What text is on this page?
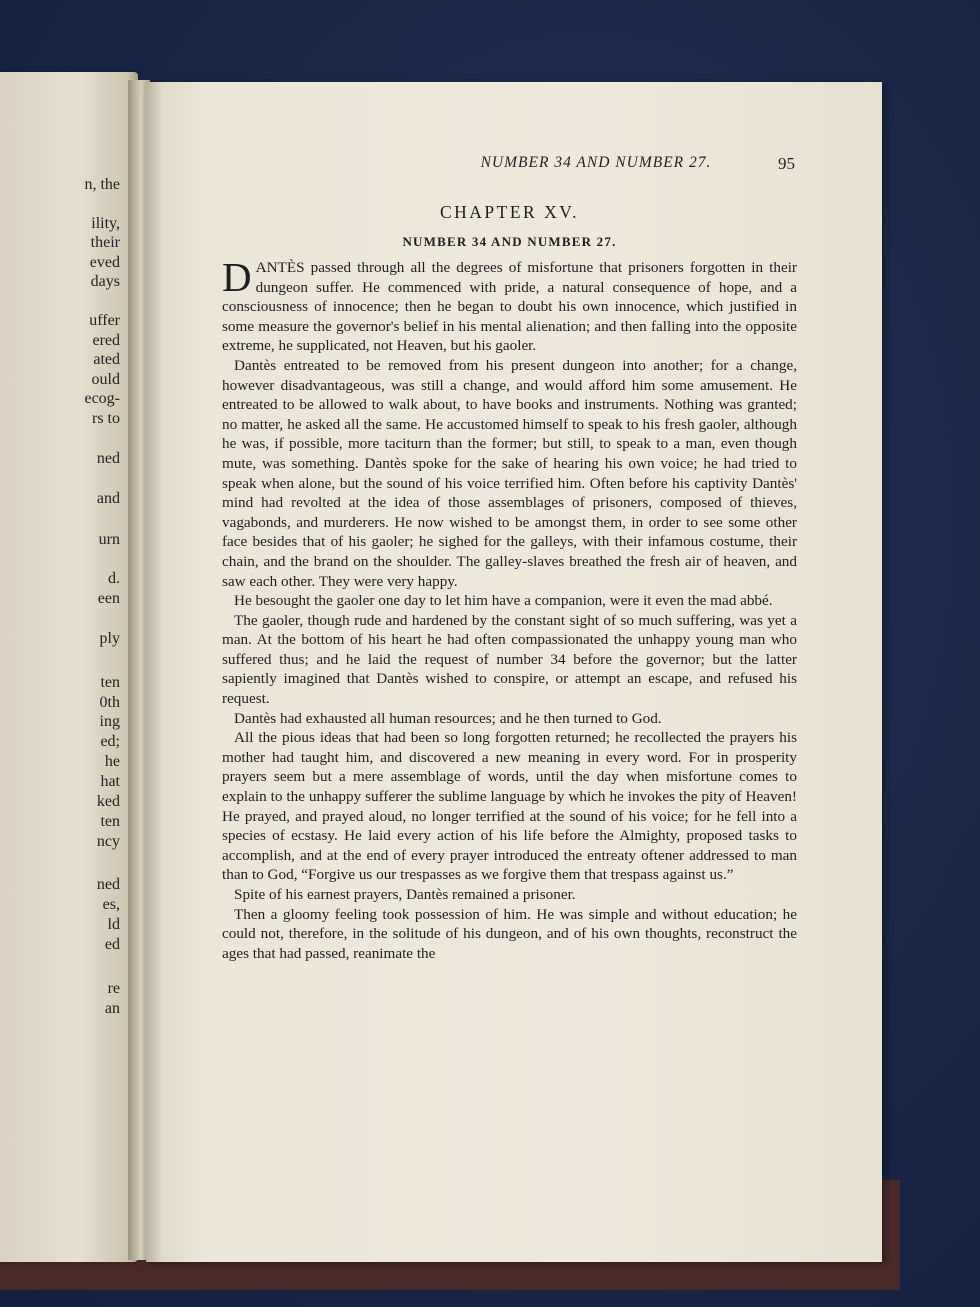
n, the
ility,
their
eved
days
uffer
ered
ated
ould
ecog-
rs to
ned
and
urn
d.
een
ply
ten
0th
ing
ed;
he
hat
ked
ten
ncy
ned
es,
ld
ed
re
an
NUMBER 34 AND NUMBER 27.	95
CHAPTER XV.
NUMBER 34 AND NUMBER 27.

DANTÈS passed through all the degrees of misfortune that prisoners forgotten in their dungeon suffer. He commenced with pride, a natural consequence of hope, and a consciousness of innocence; then he began to doubt his own innocence, which justified in some measure the governor's belief in his mental alienation; and then falling into the opposite extreme, he supplicated, not Heaven, but his gaoler.

Dantès entreated to be removed from his present dungeon into another; for a change, however disadvantageous, was still a change, and would afford him some amusement. He entreated to be allowed to walk about, to have books and instruments. Nothing was granted; no matter, he asked all the same. He accustomed himself to speak to his fresh gaoler, although he was, if possible, more taciturn than the former; but still, to speak to a man, even though mute, was something. Dantès spoke for the sake of hearing his own voice; he had tried to speak when alone, but the sound of his voice terrified him. Often before his captivity Dantès' mind had revolted at the idea of those assemblages of prisoners, composed of thieves, vagabonds, and murderers. He now wished to be amongst them, in order to see some other face besides that of his gaoler; he sighed for the galleys, with their infamous costume, their chain, and the brand on the shoulder. The galley-slaves breathed the fresh air of heaven, and saw each other. They were very happy.

He besought the gaoler one day to let him have a companion, were it even the mad abbé.

The gaoler, though rude and hardened by the constant sight of so much suffering, was yet a man. At the bottom of his heart he had often compassionated the unhappy young man who suffered thus; and he laid the request of number 34 before the governor; but the latter sapiently imagined that Dantès wished to conspire, or attempt an escape, and refused his request.

Dantès had exhausted all human resources; and he then turned to God.

All the pious ideas that had been so long forgotten returned; he recollected the prayers his mother had taught him, and discovered a new meaning in every word. For in prosperity prayers seem but a mere assemblage of words, until the day when misfortune comes to explain to the unhappy sufferer the sublime language by which he invokes the pity of Heaven! He prayed, and prayed aloud, no longer terrified at the sound of his voice; for he fell into a species of ecstasy. He laid every action of his life before the Almighty, proposed tasks to accomplish, and at the end of every prayer introduced the entreaty oftener addressed to man than to God, “Forgive us our trespasses as we forgive them that trespass against us.”

Spite of his earnest prayers, Dantès remained a prisoner.

Then a gloomy feeling took possession of him. He was simple and without education; he could not, therefore, in the solitude of his dungeon, and of his own thoughts, reconstruct the ages that had passed, reanimate the
